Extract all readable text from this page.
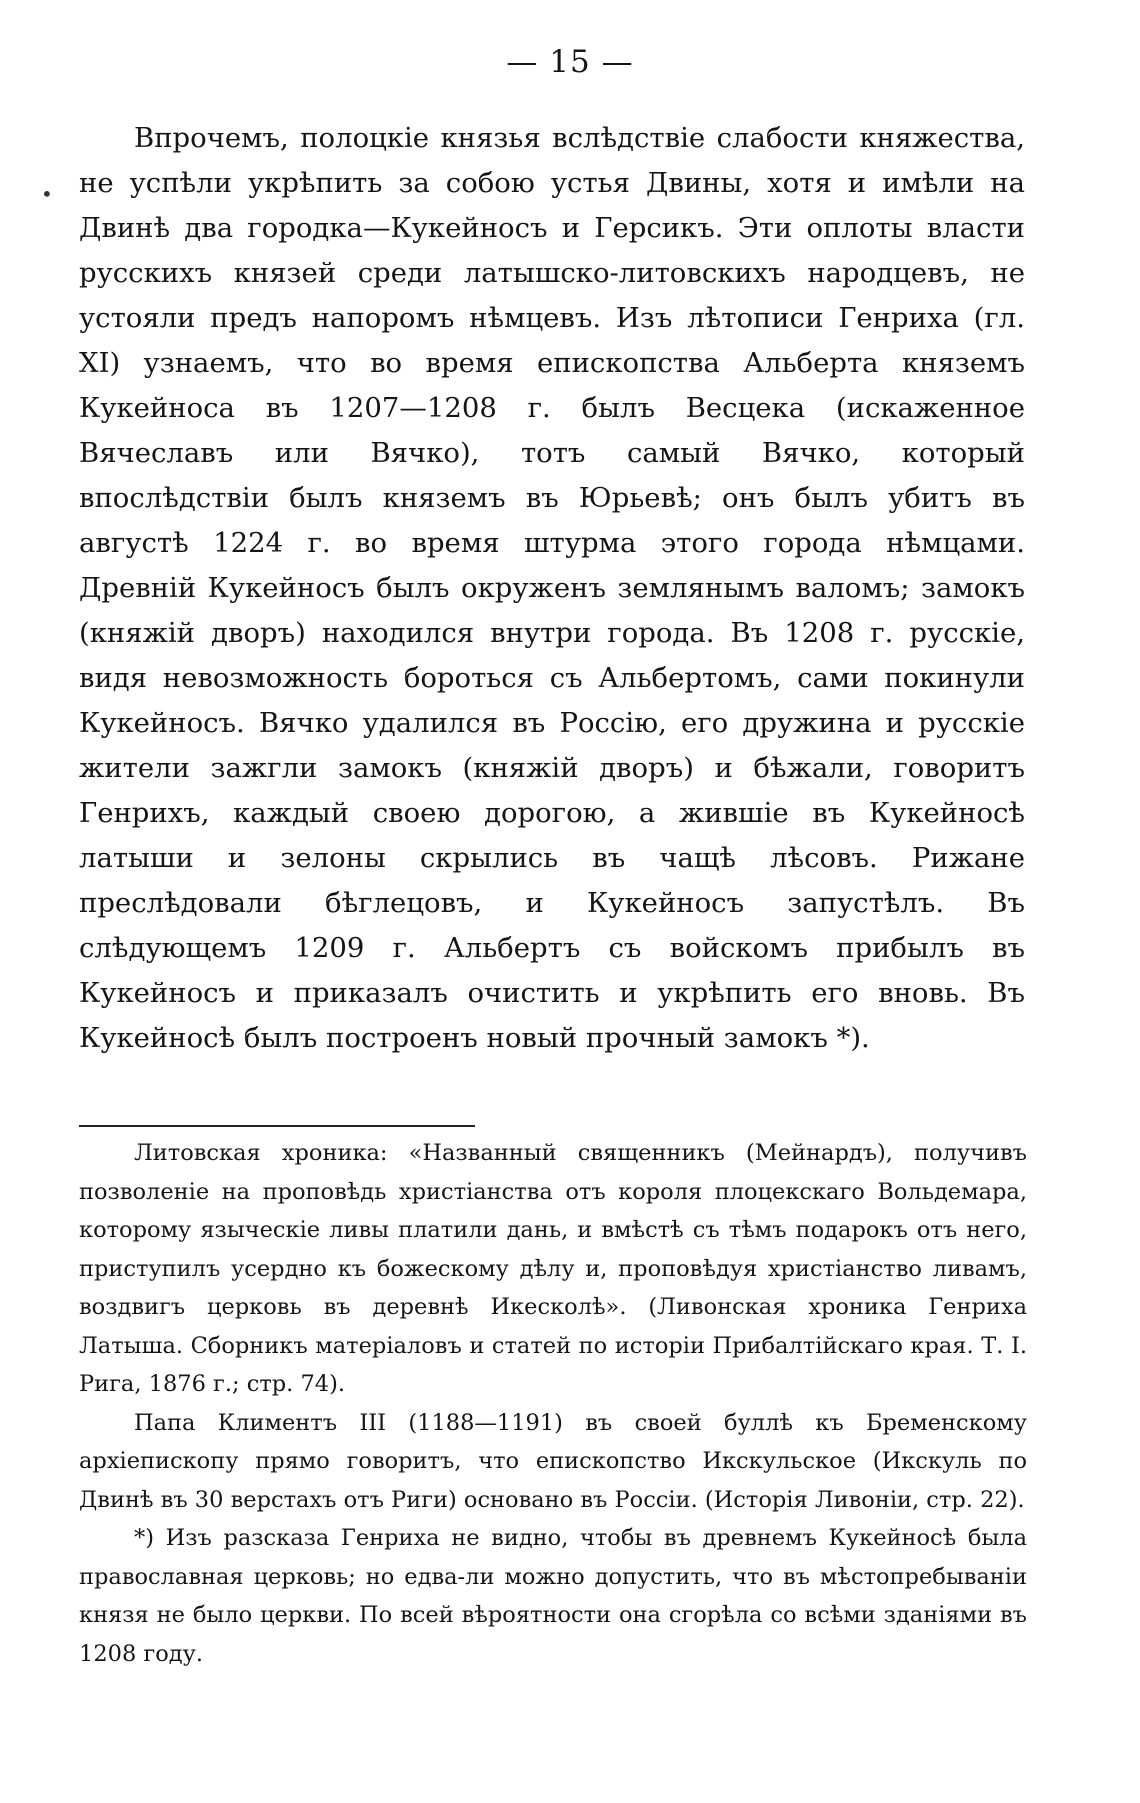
— 15 —
•
Впрочемъ, полоцкіе князья вслѣдствіе слабости княжества, не успѣли укрѣпить за собою устья Двины, хотя и имѣли на Двинѣ два городка—Кукейносъ и Герсикъ. Эти оплоты власти русскихъ князей среди латышско-литовскихъ народцевъ, не устояли предъ напоромъ нѣмцевъ. Изъ лѣтописи Генриха (гл. XI) узнаемъ, что во время епископства Альберта княземъ Кукейноса въ 1207—1208 г. былъ Весцека (искаженное Вячеславъ или Вячко), тотъ самый Вячко, который впослѣдствіи былъ княземъ въ Юрьевѣ; онъ былъ убитъ въ августѣ 1224 г. во время штурма этого города нѣмцами. Древній Кукейносъ былъ окруженъ землянымъ валомъ; замокъ (княжій дворъ) находился внутри города. Въ 1208 г. русскіе, видя невозможность бороться съ Альбертомъ, сами покинули Кукейносъ. Вячко удалился въ Россію, его дружина и русскіе жители зажгли замокъ (княжій дворъ) и бѣжали, говоритъ Генрихъ, каждый своею дорогою, а жившіе въ Кукейносѣ латыши и зелоны скрылись въ чащѣ лѣсовъ. Рижане преслѣдовали бѣглецовъ, и Кукейносъ запустѣлъ. Въ слѣдующемъ 1209 г. Альбертъ съ войскомъ прибылъ въ Кукейносъ и приказалъ очистить и укрѣпить его вновь. Въ Кукейносѣ былъ построенъ новый прочный замокъ *).

Литовская хроника: «Названный священникъ (Мейнардъ), получивъ позволеніе на проповѣдь христіанства отъ короля плоцекскаго Вольдемара, которому языческіе ливы платили дань, и вмѣстѣ съ тѣмъ подарокъ отъ него, приступилъ усердно къ божескому дѣлу и, проповѣдуя христіанство ливамъ, воздвигъ церковь въ деревнѣ Икесколѣ». (Ливонская хроника Генриха Латыша. Сборникъ матеріаловъ и статей по исторіи Прибалтійскаго края. Т. I. Рига, 1876 г.; стр. 74).

Папа Климентъ III (1188—1191) въ своей буллѣ къ Бременскому архіепископу прямо говоритъ, что епископство Икскульское (Икскуль по Двинѣ въ 30 верстахъ отъ Риги) основано въ Россіи. (Исторія Ливоніи, стр. 22).

*) Изъ разсказа Генриха не видно, чтобы въ древнемъ Кукейносѣ была православная церковь; но едва-ли можно допустить, что въ мѣстопребываніи князя не было церкви. По всей вѣроятности она сгорѣла со всѣми зданіями въ 1208 году.
